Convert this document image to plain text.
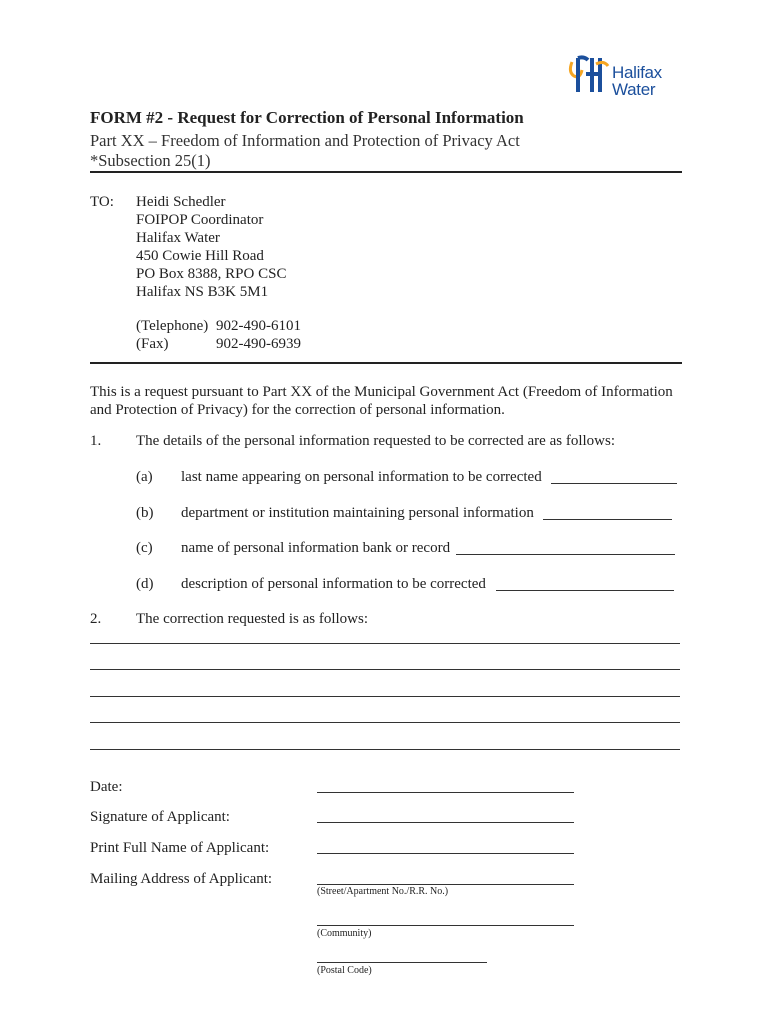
Halifax
Water
FORM #2 - Request for Correction of Personal Information
Part XX – Freedom of Information and Protection of Privacy Act
*Subsection 25(1)
TO: Heidi Schedler
FOIPOP Coordinator
Halifax Water
450 Cowie Hill Road
PO Box 8388, RPO CSC
Halifax NS B3K 5M1
(Telephone) 902-490-6101
(Fax)	902-490-6939
This is a request pursuant to Part XX of the Municipal Government Act (Freedom of Information
and Protection of Privacy) for the correction of personal information.
1. The details of the personal information requested to be corrected are as follows:
(a) last name appearing on personal information to be corrected
(b) department or institution maintaining personal information
(c) name of personal information bank or record
(d) description of personal information to be corrected
2. The correction requested is as follows:
Date:
Signature of Applicant:
Print Full Name of Applicant:
Mailing Address of Applicant:
(Street/Apartment No./R.R. No.)
(Community)
(Postal Code)
